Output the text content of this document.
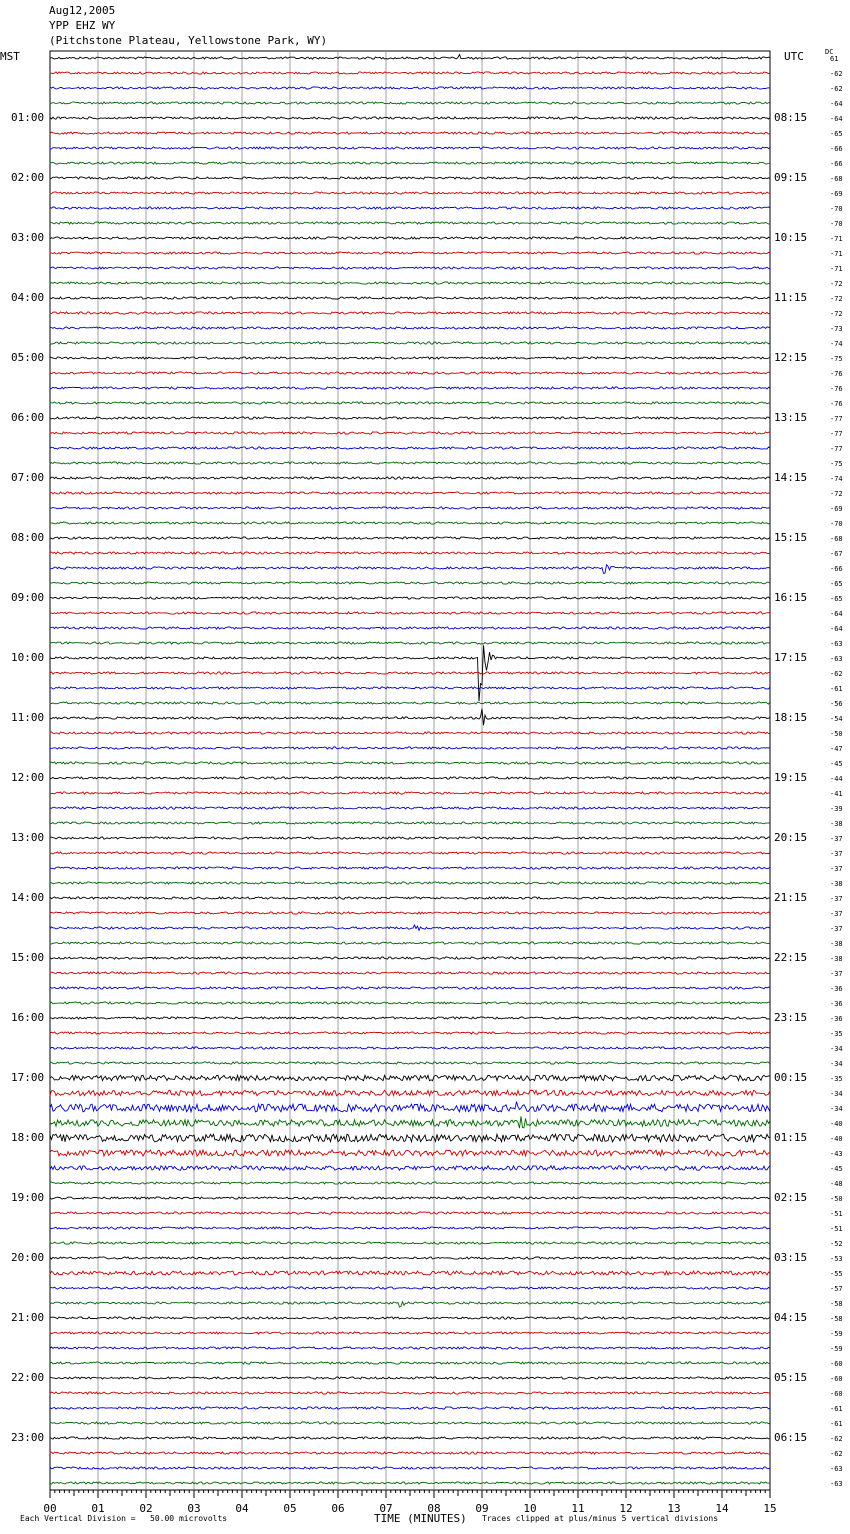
Aug12,2005
YPP EHZ WY
(Pitchstone Plateau, Yellowstone Park, WY)
MST	UTC	DC
01:00
02:00
03:00
04:00
05:00
06:00
07:00
08:00
09:00
10:00
11:00
12:00
13:00
14:00
15:00
16:00
17:00
18:00
19:00
20:00
21:00
22:00
23:00
08:15
09:15
10:15
11:15
12:15
13:15
14:15
15:15
16:15
17:15
18:15
19:15
20:15
21:15
22:15
23:15
00:15
01:15
02:15
03:15
04:15
05:15
06:15
61
-62
-62
-64
-64
-65
-66
-66
-68
-69
-70
-70
-71
-71
-71
-72
-72
-72
-73
-74
-75
-76
-76
-76
-77
-77
-77
-75
-74
-72
-69
-70
-68
-67
-66
-65
-65
-64
-64
-63
-63
-62
-61
-56
-54
-50
-47
-45
-44
-41
-39
-38
-37
-37
-37
-38
-37
-37
-37
-38
-38
-37
-36
-36
-36
-35
-34
-34
-35
-34
-34
-40
-40
-43
-45
-48
-50
-51
-51
-52
-53
-55
-57
-58
-58
-59
-59
-60
-60
-60
-61
-61
-62
-62
-63
-63
00	01	02	03	04	05	06	07	08	09	10	11	12	13	14	15
Each Vertical Division =   50.00 microvolts	TIME (MINUTES) Traces clipped at plus/minus 5 vertical divisions
